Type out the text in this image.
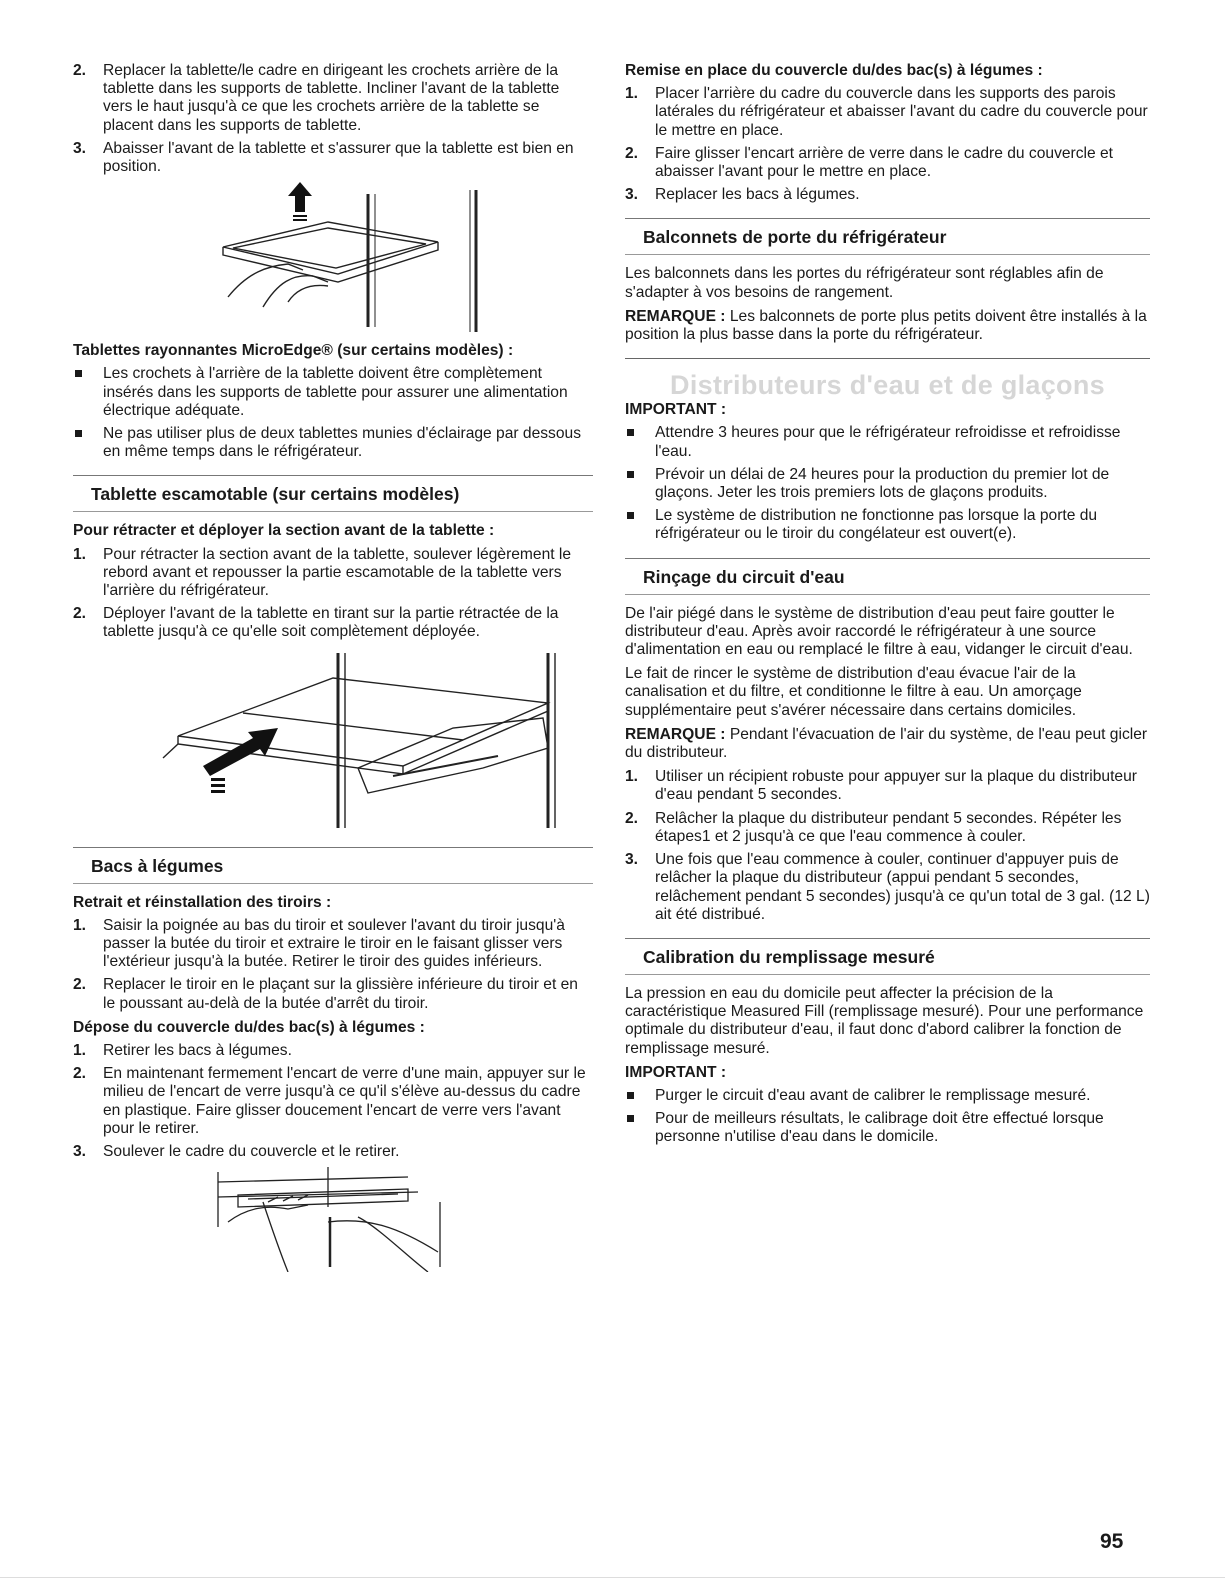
2. Replacer la tablette/le cadre en dirigeant les crochets arrière de la tablette dans les supports de tablette. Incliner l'avant de la tablette vers le haut jusqu'à ce que les crochets arrière de la tablette se placent dans les supports de tablette.
3. Abaisser l'avant de la tablette et s'assurer que la tablette est bien en position.

Tablettes rayonnantes MicroEdge® (sur certains modèles) :

Les crochets à l'arrière de la tablette doivent être complètement insérés dans les supports de tablette pour assurer une alimentation électrique adéquate.
Ne pas utiliser plus de deux tablettes munies d'éclairage par dessous en même temps dans le réfrigérateur.
Tablette escamotable (sur certains modèles)

Pour rétracter et déployer la section avant de la tablette :

1. Pour rétracter la section avant de la tablette, soulever légèrement le rebord avant et repousser la partie escamotable de la tablette vers l'arrière du réfrigérateur.
2. Déployer l'avant de la tablette en tirant sur la partie rétractée de la tablette jusqu'à ce qu'elle soit complètement déployée.
Bacs à légumes

Retrait et réinstallation des tiroirs :

1. Saisir la poignée au bas du tiroir et soulever l'avant du tiroir jusqu'à passer la butée du tiroir et extraire le tiroir en le faisant glisser vers l'extérieur jusqu'à la butée. Retirer le tiroir des guides inférieurs.
2. Replacer le tiroir en le plaçant sur la glissière inférieure du tiroir et en le poussant au-delà de la butée d'arrêt du tiroir.

Dépose du couvercle du/des bac(s) à légumes :

1. Retirer les bacs à légumes.
2. En maintenant fermement l'encart de verre d'une main, appuyer sur le milieu de l'encart de verre jusqu'à ce qu'il s'élève au-dessus du cadre en plastique. Faire glisser doucement l'encart de verre vers l'avant pour le retirer.
3. Soulever le cadre du couvercle et le retirer.

Remise en place du couvercle du/des bac(s) à légumes :

1. Placer l'arrière du cadre du couvercle dans les supports des parois latérales du réfrigérateur et abaisser l'avant du cadre du couvercle pour le mettre en place.
2. Faire glisser l'encart arrière de verre dans le cadre du couvercle et abaisser l'avant pour le mettre en place.
3. Replacer les bacs à légumes.
Balconnets de porte du réfrigérateur

Les balconnets dans les portes du réfrigérateur sont réglables afin de s'adapter à vos besoins de rangement.

REMARQUE : Les balconnets de porte plus petits doivent être installés à la position la plus basse dans la porte du réfrigérateur.

Distributeurs d'eau et de glaçons

IMPORTANT :

Attendre 3 heures pour que le réfrigérateur refroidisse et refroidisse l'eau.
Prévoir un délai de 24 heures pour la production du premier lot de glaçons. Jeter les trois premiers lots de glaçons produits.
Le système de distribution ne fonctionne pas lorsque la porte du réfrigérateur ou le tiroir du congélateur est ouvert(e).
Rinçage du circuit d'eau

De l'air piégé dans le système de distribution d'eau peut faire goutter le distributeur d'eau. Après avoir raccordé le réfrigérateur à une source d'alimentation en eau ou remplacé le filtre à eau, vidanger le circuit d'eau.

Le fait de rincer le système de distribution d'eau évacue l'air de la canalisation et du filtre, et conditionne le filtre à eau. Un amorçage supplémentaire peut s'avérer nécessaire dans certains domiciles.

REMARQUE : Pendant l'évacuation de l'air du système, de l'eau peut gicler du distributeur.

1. Utiliser un récipient robuste pour appuyer sur la plaque du distributeur d'eau pendant 5 secondes.
2. Relâcher la plaque du distributeur pendant 5 secondes. Répéter les étapes1 et 2 jusqu'à ce que l'eau commence à couler.
3. Une fois que l'eau commence à couler, continuer d'appuyer puis de relâcher la plaque du distributeur (appui pendant 5 secondes, relâchement pendant 5 secondes) jusqu'à ce qu'un total de 3 gal. (12 L) ait été distribué.
Calibration du remplissage mesuré

La pression en eau du domicile peut affecter la précision de la caractéristique Measured Fill (remplissage mesuré). Pour une performance optimale du distributeur d'eau, il faut donc d'abord calibrer la fonction de remplissage mesuré.

IMPORTANT :

Purger le circuit d'eau avant de calibrer le remplissage mesuré.
Pour de meilleurs résultats, le calibrage doit être effectué lorsque personne n'utilise d'eau dans le domicile.
95
